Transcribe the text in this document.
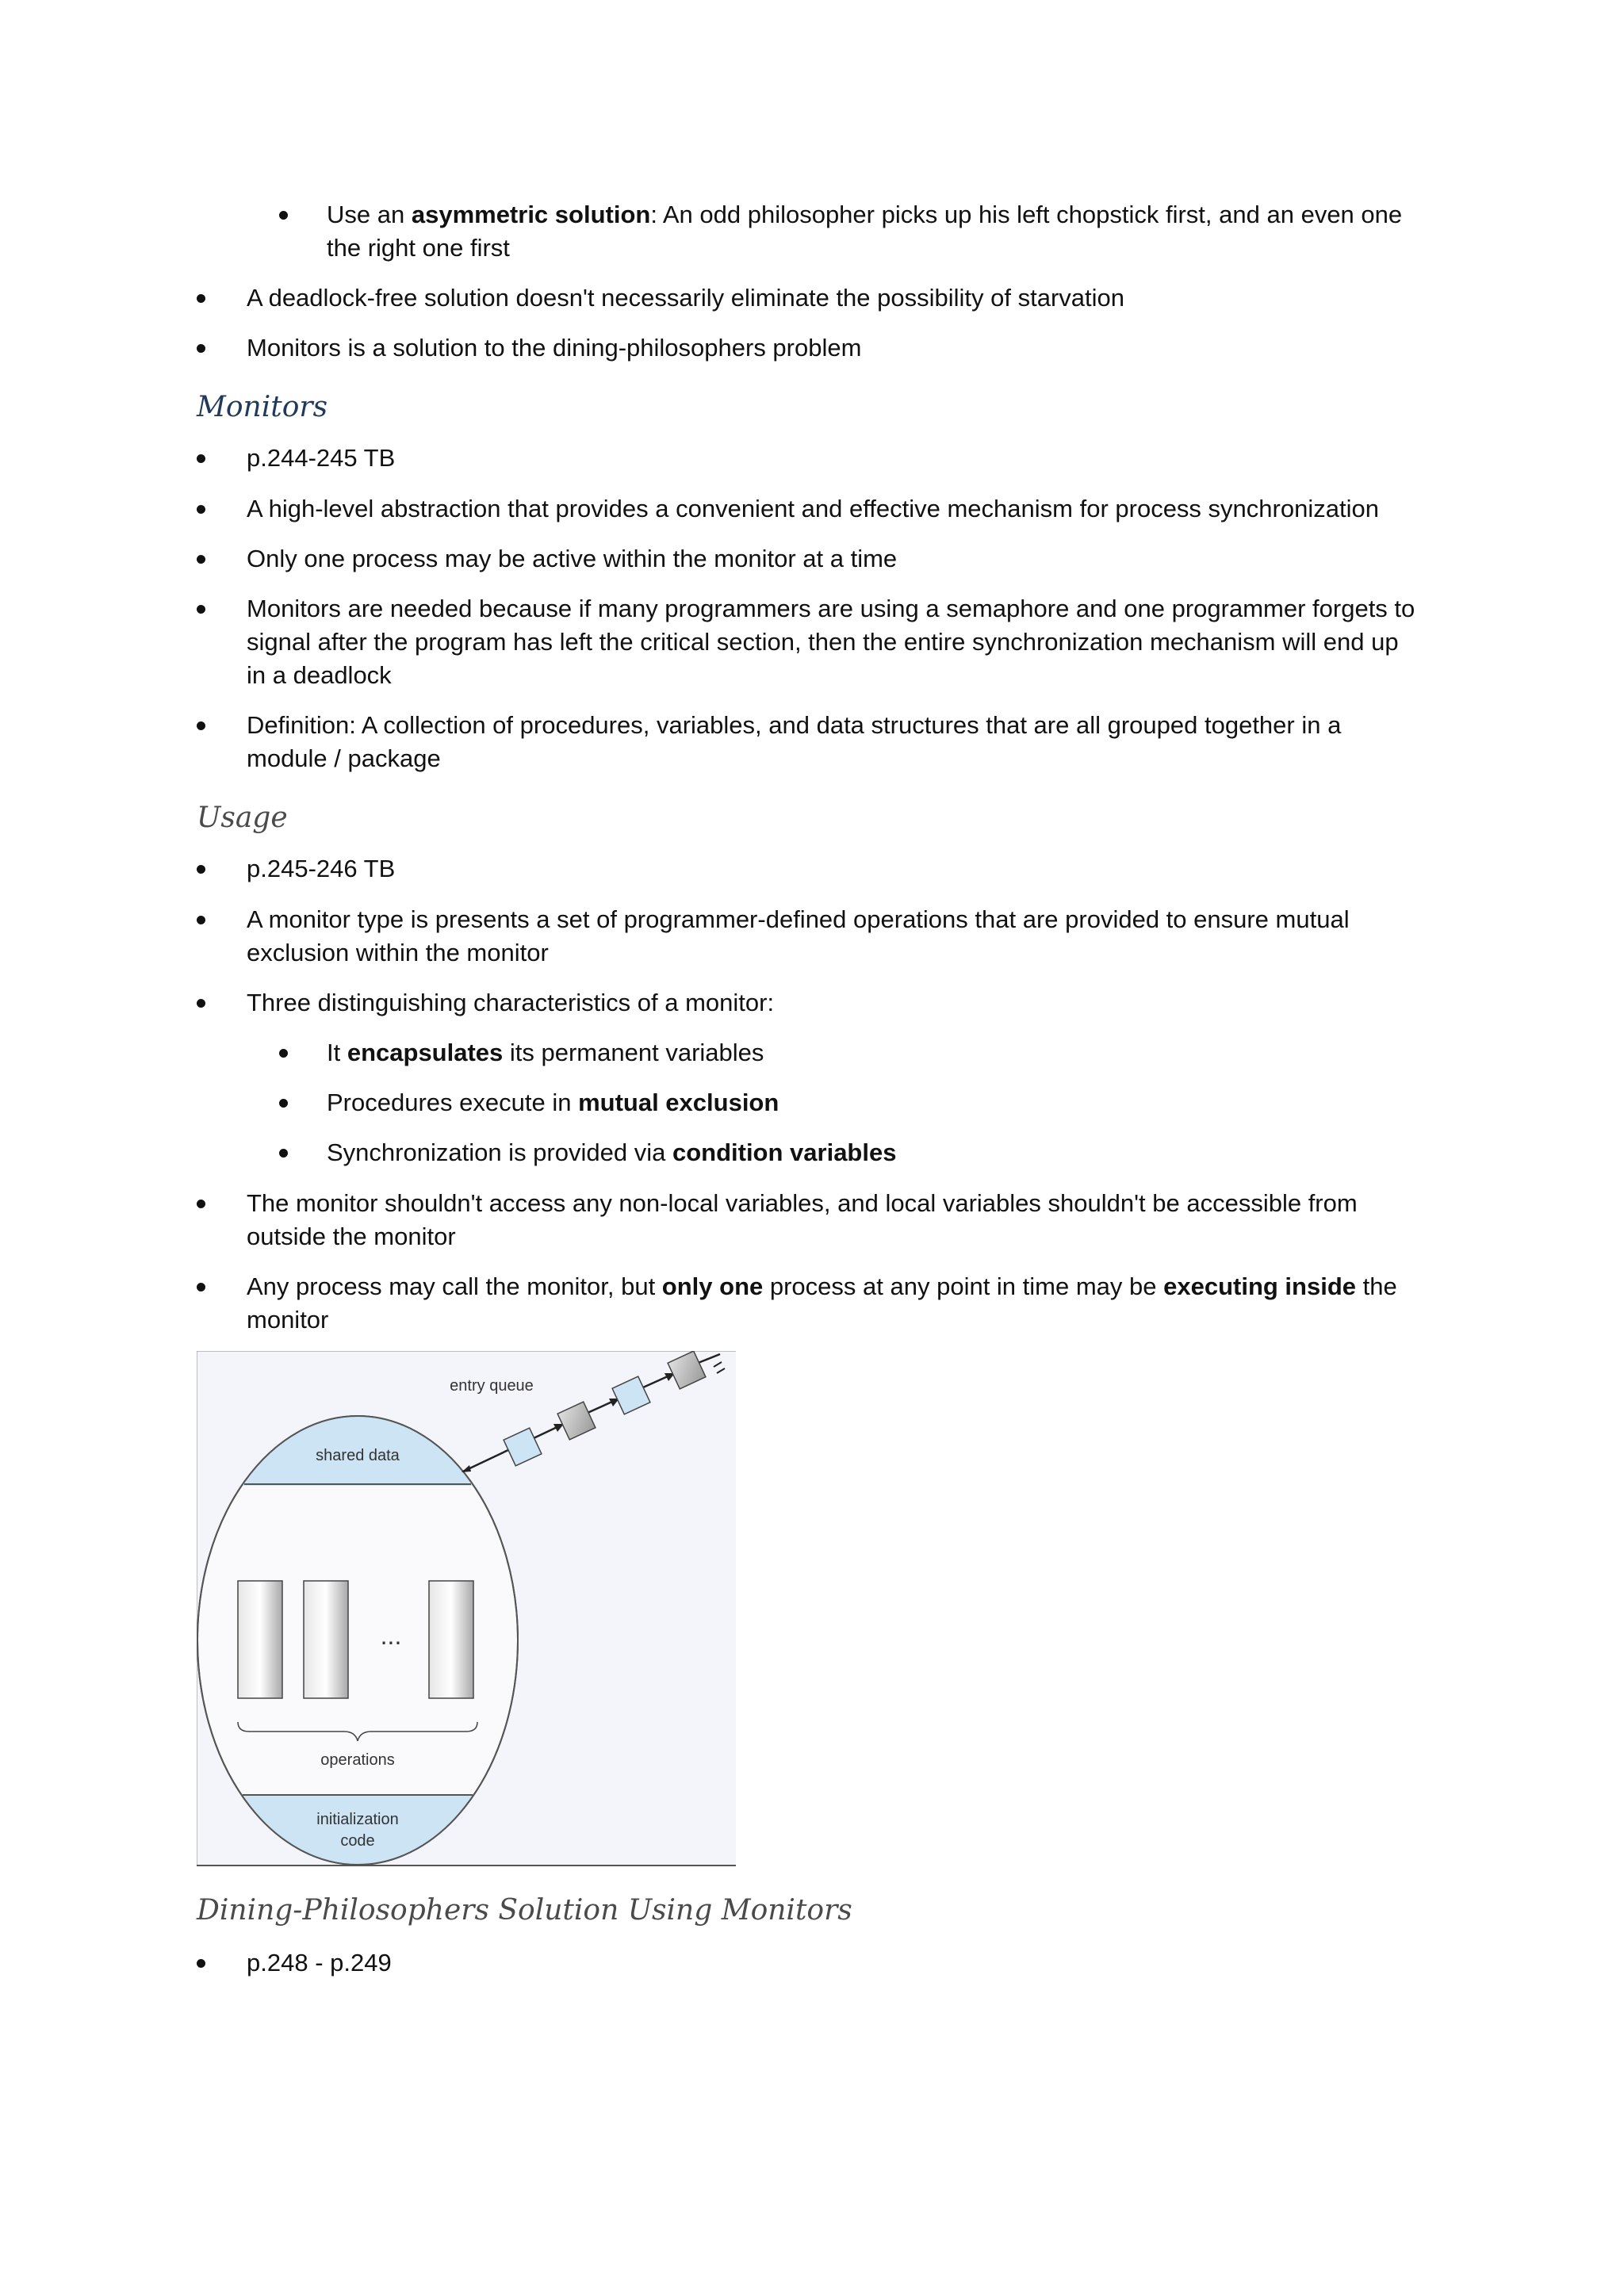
Use an asymmetric solution: An odd philosopher picks up his left chopstick first, and an even one the right one first
A deadlock-free solution doesn't necessarily eliminate the possibility of starvation
Monitors is a solution to the dining-philosophers problem
Monitors
p.244-245 TB
A high-level abstraction that provides a convenient and effective mechanism for process synchronization
Only one process may be active within the monitor at a time
Monitors are needed because if many programmers are using a semaphore and one programmer forgets to signal after the program has left the critical section, then the entire synchronization mechanism will end up in a deadlock
Definition: A collection of procedures, variables, and data structures that are all grouped together in a module / package
Usage
p.245-246 TB
A monitor type is presents a set of programmer-defined operations that are provided to ensure mutual exclusion within the monitor
Three distinguishing characteristics of a monitor:
It encapsulates its permanent variables
Procedures execute in mutual exclusion
Synchronization is provided via condition variables
The monitor shouldn't access any non-local variables, and local variables shouldn't be accessible from outside the monitor
Any process may call the monitor, but only one process at any point in time may be executing inside the monitor
shared data
...
operations
initialization
code
entry queue
Dining-Philosophers Solution Using Monitors
p.248 - p.249
